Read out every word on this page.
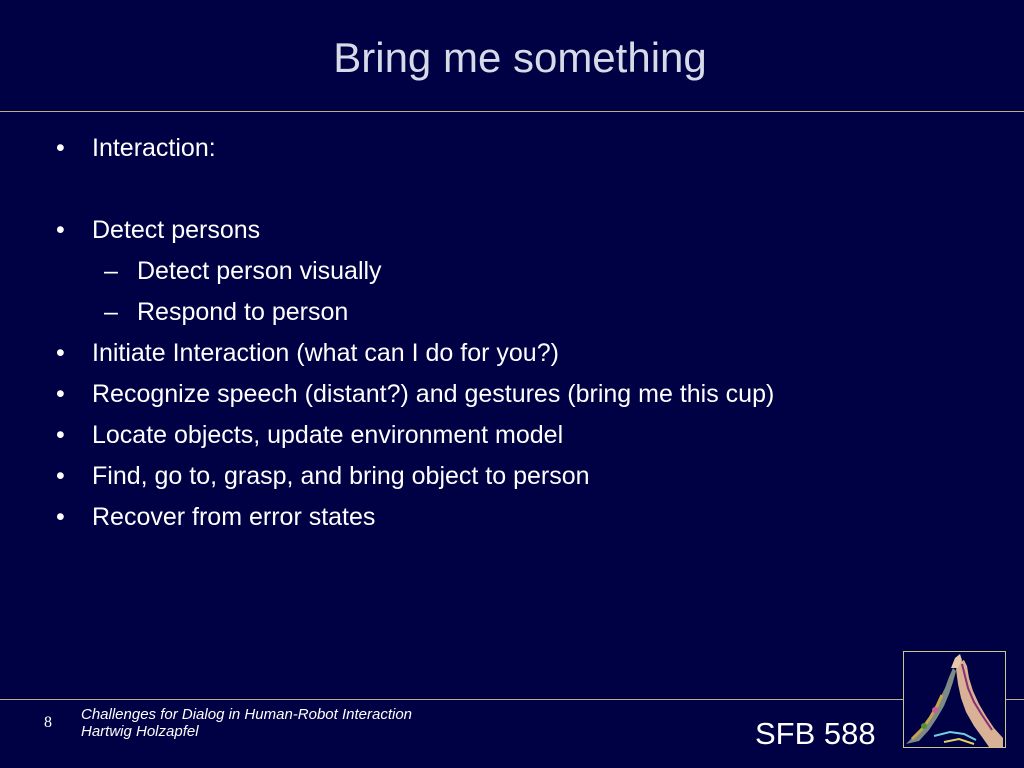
Bring me something
• Interaction:
• Detect persons
– Detect person visually
– Respond to person
• Initiate Interaction (what can I do for you?)
• Recognize speech (distant?) and gestures (bring me this cup)
• Locate objects, update environment model
• Find, go to, grasp, and bring object to person
• Recover from error states
8 Challenges for Dialog in Human-Robot Interaction
Hartwig Holzapfel	SFB 588
